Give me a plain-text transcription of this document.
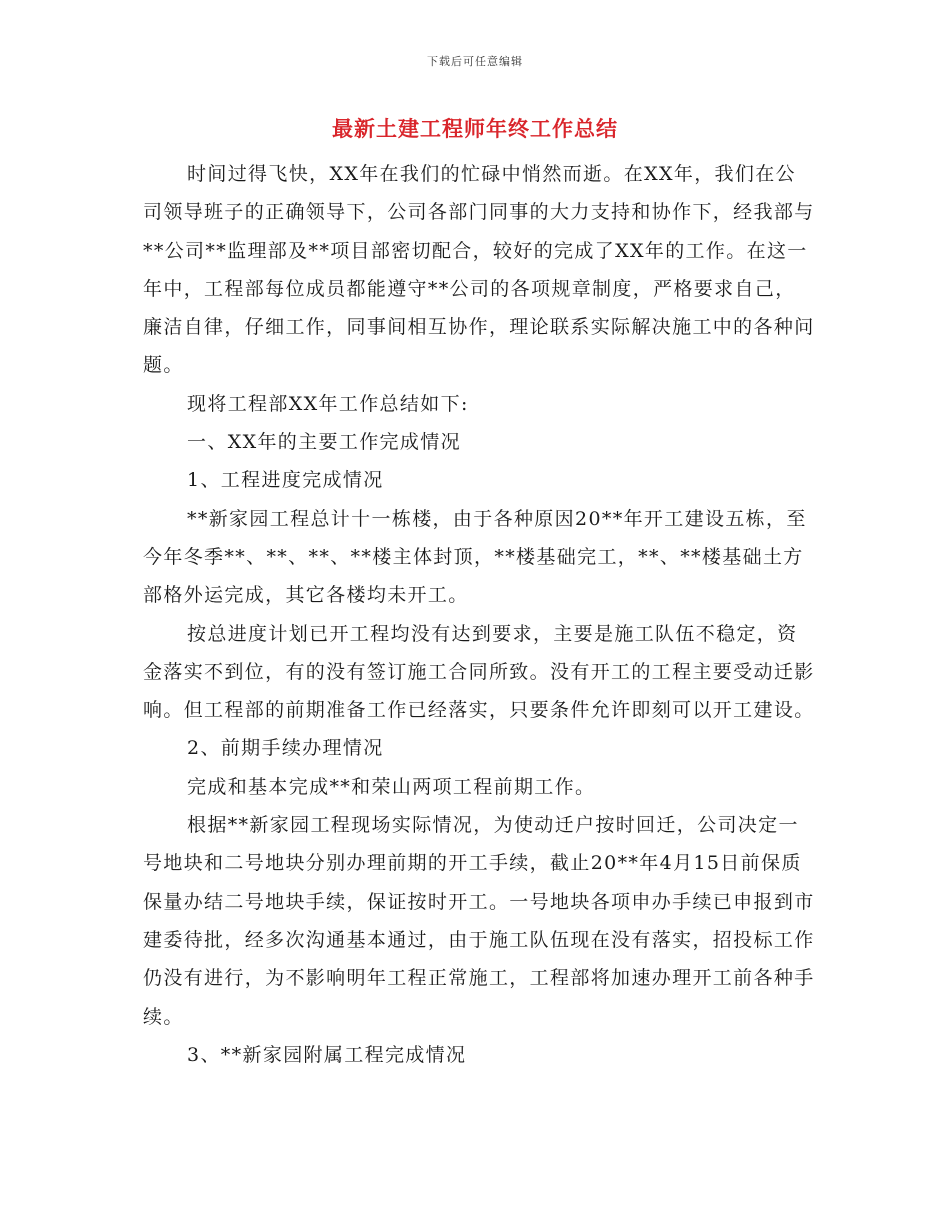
下载后可任意编辑
最新土建工程师年终工作总结

时间过得飞快，XX年在我们的忙碌中悄然而逝。在XX年，我们在公司领导班子的正确领导下，公司各部门同事的大力支持和协作下，经我部与**公司**监理部及**项目部密切配合，较好的完成了XX年的工作。在这一年中，工程部每位成员都能遵守**公司的各项规章制度，严格要求自己，廉洁自律，仔细工作，同事间相互协作，理论联系实际解决施工中的各种问题。

现将工程部XX年工作总结如下:

一、XX年的主要工作完成情况

1、工程进度完成情况

**新家园工程总计十一栋楼，由于各种原因20**年开工建设五栋，至今年冬季**、**、**、**楼主体封顶，**楼基础完工，**、**楼基础土方部格外运完成，其它各楼均未开工。

按总进度计划已开工程均没有达到要求，主要是施工队伍不稳定，资金落实不到位，有的没有签订施工合同所致。没有开工的工程主要受动迁影响。但工程部的前期准备工作已经落实，只要条件允许即刻可以开工建设。

2、前期手续办理情况

完成和基本完成**和荣山两项工程前期工作。

根据**新家园工程现场实际情况，为使动迁户按时回迁，公司决定一号地块和二号地块分别办理前期的开工手续，截止20**年4月15日前保质保量办结二号地块手续，保证按时开工。一号地块各项申办手续已申报到市建委待批，经多次沟通基本通过，由于施工队伍现在没有落实，招投标工作仍没有进行，为不影响明年工程正常施工，工程部将加速办理开工前各种手续。

3、**新家园附属工程完成情况
